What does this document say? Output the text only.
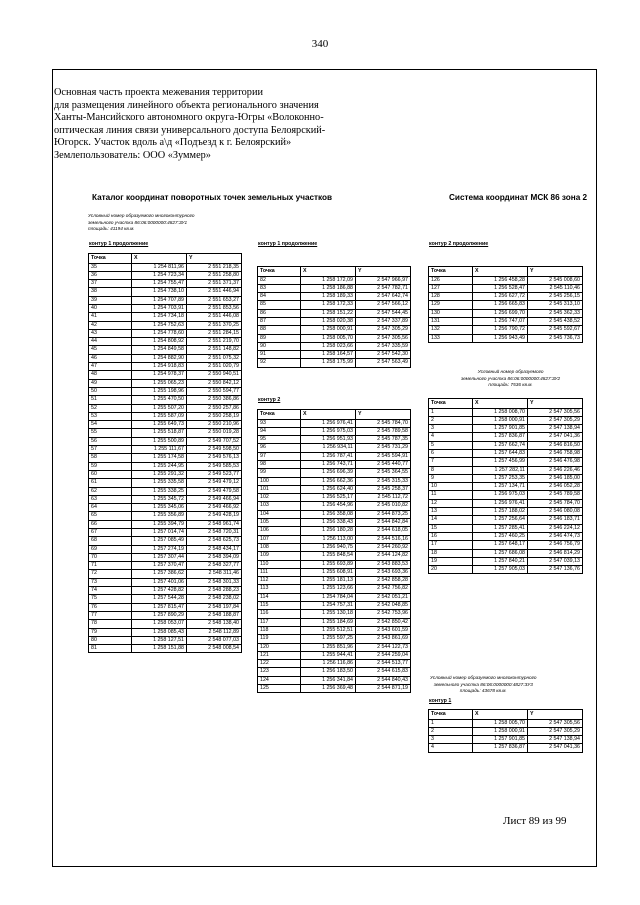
340
Основная часть проекта межевания территории
для размещения линейного объекта регионального значения
Ханты-Мансийского автономного округа-Югры «Волоконно-
оптическая линия связи универсального доступа Белоярский-
Югорск. Участок вдоль а\д «Подъезд к г. Белоярский»
Землепользователь: ООО «Зуммер»
Каталог координат поворотных точек земельных участков	Система координат МСК 86 зона 2
Условный номер образуемого многоконтурного
земельного участка 86:06:0000000:4827:ЗУ1
площадь: 41194 кв.м.
Условный номер образуемого
земельного участка 86:06:0000000:4827:ЗУ2
площадь: 7536 кв.м.
Условный номер образуемого многоконтурного
земельного участка 86:06:0000000:4827:ЗУ3
площадь: 43678 кв.м.
контур 1 продолжение	контур 1 продолжение
контур 2
контур 2 продолжение
контур 1
Точка	X	Y
35	1 254 811,96	2 551 218,35
36	1 254 723,34	2 551 258,80
37	1 254 755,47	2 551 371,37
38	1 254 738,10	2 551 446,94
39	1 254 707,89	2 551 653,27
40	1 254 703,91	2 551 853,56
41	1 254 734,18	2 551 446,08
42	1 254 752,63	2 551 370,25
43	1 254 778,60	2 551 284,15
44	1 254 808,92	2 551 219,70
45	1 254 849,58	2 551 148,82
46	1 254 882,90	2 551 075,32
47	1 254 918,83	2 551 020,79
48	1 254 978,37	2 550 940,51
49	1 255 065,23	2 550 842,12
50	1 255 198,96	2 550 594,77
51	1 255 470,50	2 550 386,86
52	1 255 507,20	2 550 257,86
53	1 255 587,09	2 550 258,19
54	1 255 649,73	2 550 210,96
55	1 255 518,87	2 550 019,28
56	1 255 500,89	2 549 707,52
57	1 255 111,67	2 549 598,50
58	1 255 174,58	2 549 576,13
59	1 255 244,95	2 549 585,53
60	1 255 291,32	2 549 523,77
61	1 255 335,58	2 549 479,12
62	1 255 338,25	2 549 479,58
63	1 255 345,72	2 549 466,94
64	1 255 345,06	2 549 466,92
65	1 255 356,89	2 549 428,19
66	1 255 394,79	2 548 961,74
67	1 257 014,74	2 548 720,31
68	1 257 085,49	2 548 625,73
69	1 257 274,19	2 548 434,17
70	1 257 307,44	2 548 394,09
71	1 257 370,47	2 548 327,77
72	1 257 386,62	2 548 311,46
73	1 257 401,06	2 548 301,33
74	1 257 428,82	2 548 288,23
75	1 257 544,28	2 548 238,02
76	1 257 815,47	2 548 197,84
77	1 257 890,29	2 548 188,87
78	1 258 053,07	2 548 138,40
79	1 258 085,43	2 548 112,89
80	1 258 127,51	2 548 077,03
81	1 258 151,88	2 548 008,54
Точка	X	Y
82	1 258 172,09	2 547 966,97
83	1 258 186,88	2 547 782,71
84	1 258 189,33	2 547 642,74
85	1 258 172,33	2 547 566,12
86	1 258 151,22	2 547 544,45
87	1 258 020,38	2 547 337,89
88	1 258 000,91	2 547 305,29
89	1 258 005,70	2 547 305,56
90	1 258 023,66	2 547 335,59
91	1 258 164,57	2 547 542,30
92	1 258 175,99	2 547 563,49
Точка	X	Y
93	1 256 976,41	2 545 784,70
94	1 256 975,03	2 545 789,58
95	1 256 951,93	2 545 787,35
96	1 256 934,11	2 545 731,29
97	1 256 787,41	2 545 594,91
98	1 256 743,71	2 545 440,77
99	1 256 696,39	2 545 364,55
100	1 256 662,36	2 545 315,33
101	1 256 624,40	2 545 258,37
102	1 256 525,17	2 545 112,72
103	1 256 454,96	2 545 010,82
104	1 256 358,08	2 544 873,25
105	1 256 338,43	2 544 842,84
106	1 256 180,28	2 544 618,05
107	1 256 113,00	2 544 516,16
108	1 256 940,75	2 544 260,92
109	1 255 848,54	2 544 124,82
110	1 255 693,89	2 543 883,53
111	1 255 608,91	2 543 693,36
112	1 255 181,13	2 542 858,28
113	1 255 123,66	2 542 756,82
114	1 254 784,04	2 542 051,21
115	1 254 757,31	2 542 048,85
116	1 255 130,18	2 542 753,96
117	1 255 184,69	2 542 850,42
118	1 255 512,51	2 543 601,59
119	1 255 597,25	2 543 861,69
120	1 255 851,96	2 544 122,73
121	1 255 944,41	2 544 259,04
122	1 256 116,86	2 544 513,77
123	1 256 183,50	2 544 615,83
124	1 256 341,84	2 544 840,43
125	1 256 369,48	2 544 871,19
Точка	X	Y
126	1 256 458,28	2 545 008,60
127	1 256 528,47	2 545 110,46
128	1 256 627,72	2 545 256,15
129	1 256 665,83	2 545 313,10
130	1 256 699,70	2 545 362,33
131	1 256 747,07	2 545 438,52
132	1 256 790,72	2 545 592,67
133	1 256 943,49	2 545 736,73
Точка	X	Y
1	1 258 008,70	2 547 305,56
2	1 258 000,91	2 547 305,29
3	1 257 901,85	2 547 138,94
4	1 257 836,87	2 547 041,36
5	1 257 662,74	2 546 816,50
6	1 257 644,83	2 546 758,98
7	1 257 456,99	2 546 476,98
8	1 257 282,11	2 546 226,46
9	1 257 253,35	2 546 185,00
10	1 257 134,71	2 546 052,28
11	1 256 975,03	2 545 789,58
12	1 256 976,41	2 545 784,70
13	1 257 188,02	2 546 080,08
14	1 257 256,64	2 546 183,71
15	1 257 285,41	2 546 224,12
16	1 257 460,25	2 546 474,73
17	1 257 648,17	2 546 756,79
18	1 257 686,08	2 546 814,29
19	1 257 840,21	2 547 039,13
20	1 257 905,03	2 547 136,76
Точка	X	Y
1	1 258 005,70	2 547 305,56
2	1 258 000,91	2 547 305,29
3	1 257 901,85	2 547 138,94
4	1 257 836,87	2 547 041,36
Лист 89 из 99
